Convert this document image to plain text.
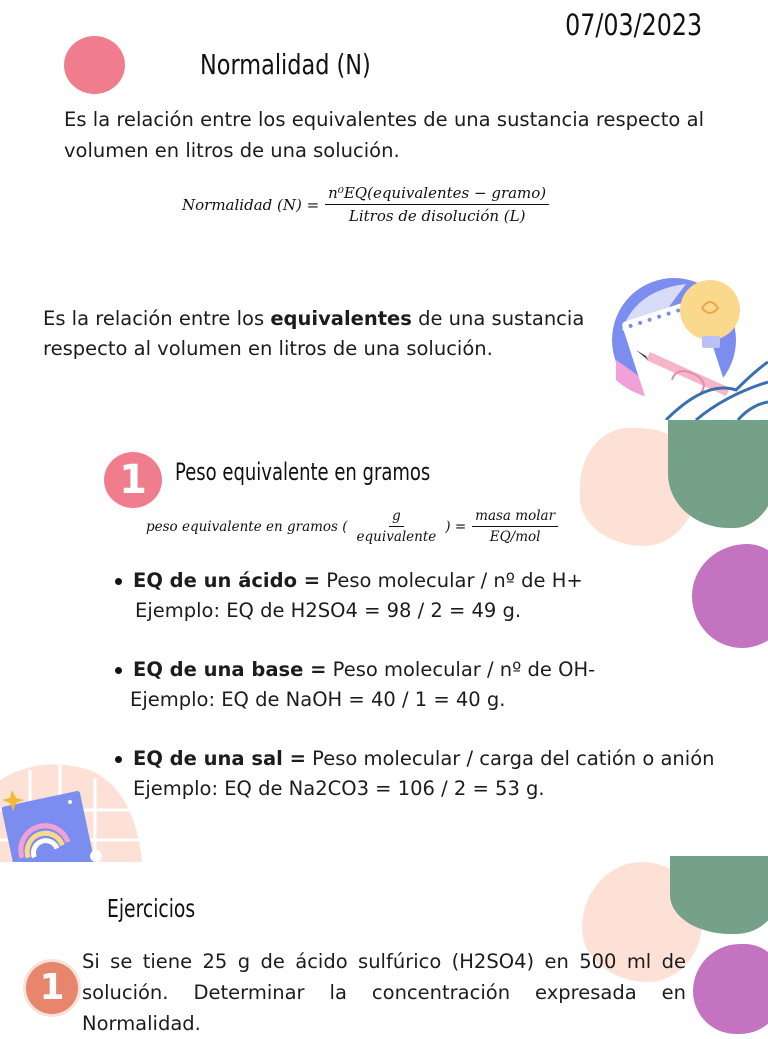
07/03/2023
Normalidad (N)
Es la relación entre los equivalentes de una sustancia respecto al volumen en litros de una solución.
Normalidad $(N) = \frac{\text{n⁰EQ(equivalentes − gramo)}}{\text{Litros de disolución (L)}}$
Es la relación entre los equivalentes de una sustancia respecto al volumen en litros de una solución.
1	Peso equivalente en gramos
peso equivalente en gramos ( $\frac{g}{\text{equivalente}}$ ) = $\frac{\text{masa molar}}{\text{EQ/mol}}$
EQ de un ácido = Peso molecular / nº de H+
Ejemplo: EQ de H2SO4 = 98 / 2 = 49 g.
EQ de una base = Peso molecular / nº de OH-
Ejemplo: EQ de NaOH = 40 / 1 = 40 g.
EQ de una sal = Peso molecular / carga del catión o anión
Ejemplo: EQ de Na2CO3 = 106 / 2 = 53 g.
Ejercicios
1
Si se tiene 25 g de ácido sulfúrico (H2SO4) en 500 ml de
solución. Determinar la concentración expresada en
Normalidad.
